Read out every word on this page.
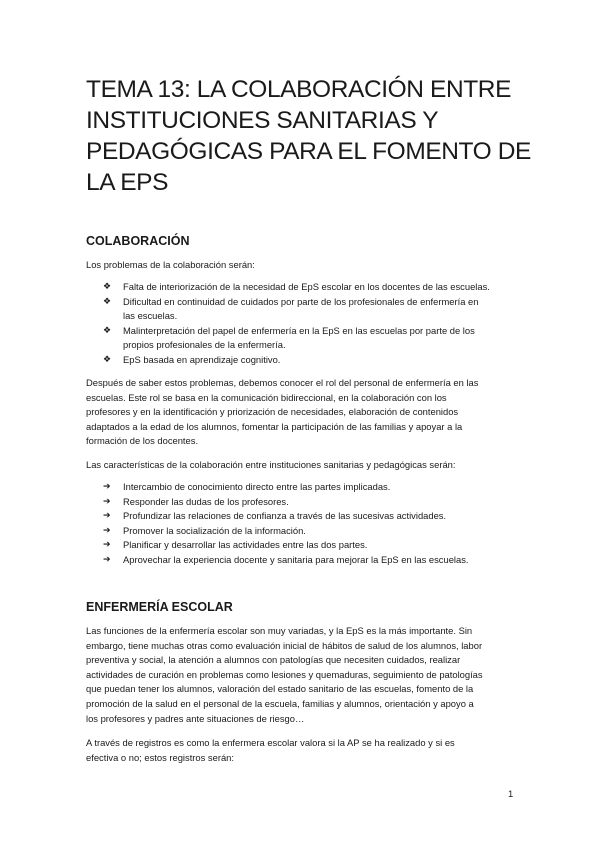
TEMA 13: LA COLABORACIÓN ENTRE
INSTITUCIONES SANITARIAS Y
PEDAGÓGICAS PARA EL FOMENTO DE
LA EPS
COLABORACIÓN

Los problemas de la colaboración serán:

❖ Falta de interiorización de la necesidad de EpS escolar en los docentes de las escuelas.
❖ Dificultad en continuidad de cuidados por parte de los profesionales de enfermería en
las escuelas.
❖ Malinterpretación del papel de enfermería en la EpS en las escuelas por parte de los
propios profesionales de la enfermería.
❖ EpS basada en aprendizaje cognitivo.

Después de saber estos problemas, debemos conocer el rol del personal de enfermería en las
escuelas. Este rol se basa en la comunicación bidireccional, en la colaboración con los
profesores y en la identificación y priorización de necesidades, elaboración de contenidos
adaptados a la edad de los alumnos, fomentar la participación de las familias y apoyar a la
formación de los docentes.

Las características de la colaboración entre instituciones sanitarias y pedagógicas serán:

➔ Intercambio de conocimiento directo entre las partes implicadas.
➔ Responder las dudas de los profesores.
➔ Profundizar las relaciones de confianza a través de las sucesivas actividades.
➔ Promover la socialización de la información.
➔ Planificar y desarrollar las actividades entre las dos partes.
➔ Aprovechar la experiencia docente y sanitaria para mejorar la EpS en las escuelas.
ENFERMERÍA ESCOLAR

Las funciones de la enfermería escolar son muy variadas, y la EpS es la más importante. Sin
embargo, tiene muchas otras como evaluación inicial de hábitos de salud de los alumnos, labor
preventiva y social, la atención a alumnos con patologías que necesiten cuidados, realizar
actividades de curación en problemas como lesiones y quemaduras, seguimiento de patologías
que puedan tener los alumnos, valoración del estado sanitario de las escuelas, fomento de la
promoción de la salud en el personal de la escuela, familias y alumnos, orientación y apoyo a
los profesores y padres ante situaciones de riesgo…

A través de registros es como la enfermera escolar valora si la AP se ha realizado y si es
efectiva o no; estos registros serán:

1
